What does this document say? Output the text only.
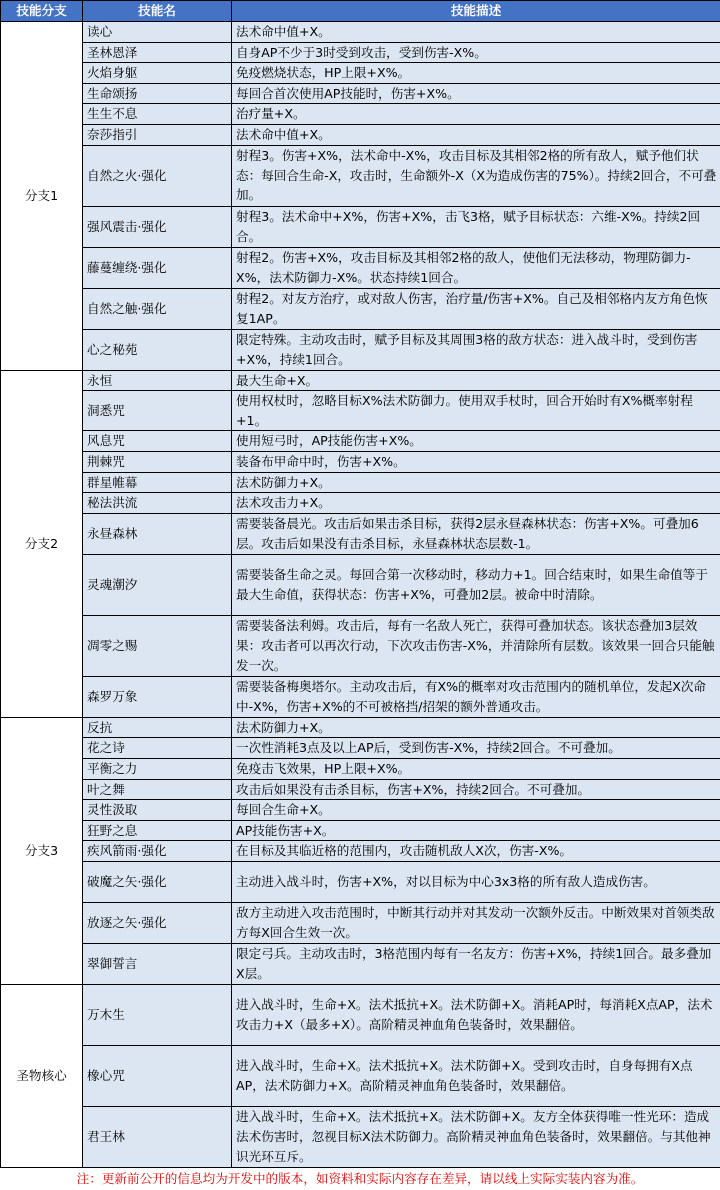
技能分支	技能名	技能描述
分支1	读心	法术命中值+X。
	圣林恩泽	自身AP不少于3时受到攻击，受到伤害-X%。
	火焰身躯	免疫燃烧状态，HP上限+X%。
	生命颂扬	每回合首次使用AP技能时，伤害+X%。
	生生不息	治疗量+X。
	奈莎指引	法术命中值+X。
	自然之火·强化	射程3。伤害+X%，法术命中-X%，攻击目标及其相邻2格的所有敌人，赋予他们状态：每回合生命-X，攻击时，生命额外-X（X为造成伤害的75%）。持续2回合，不可叠加。
	强风震击·强化	射程3。法术命中+X%，伤害+X%，击飞3格，赋予目标状态：六维-X%。持续2回合。
	藤蔓缠绕·强化	射程2。伤害+X%，攻击目标及其相邻2格的敌人，使他们无法移动，物理防御力-X%，法术防御力-X%。状态持续1回合。
	自然之触·强化	射程2。对友方治疗，或对敌人伤害，治疗量/伤害+X%。自己及相邻格内友方角色恢复1AP。
	心之秘苑	限定特殊。主动攻击时，赋予目标及其周围3格的敌方状态：进入战斗时，受到伤害+X%，持续1回合。
分支2	永恒	最大生命+X。
	洞悉咒	使用权杖时，忽略目标X%法术防御力。使用双手杖时，回合开始时有X%概率射程+1。
	风息咒	使用短弓时，AP技能伤害+X%。
	荆棘咒	装备布甲命中时，伤害+X%。
	群星帷幕	法术防御力+X。
	秘法洪流	法术攻击力+X。
	永昼森林	需要装备晨光。攻击后如果击杀目标，获得2层永昼森林状态：伤害+X%。可叠加6层。攻击后如果没有击杀目标，永昼森林状态层数-1。
	灵魂潮汐	需要装备生命之灵。每回合第一次移动时，移动力+1。回合结束时，如果生命值等于最大生命值，获得状态：伤害+X%，可叠加2层。被命中时清除。
	凋零之赐	需要装备法利姆。攻击后，每有一名敌人死亡，获得可叠加状态。该状态叠加3层效果：攻击者可以再次行动，下次攻击伤害-X%，并清除所有层数。该效果一回合只能触发一次。
	森罗万象	需要装备梅奥塔尔。主动攻击后，有X%的概率对攻击范围内的随机单位，发起X次命中-X%，伤害+X%的不可被格挡/招架的额外普通攻击。
分支3	反抗	法术防御力+X。
	花之诗	一次性消耗3点及以上AP后，受到伤害-X%，持续2回合。不可叠加。
	平衡之力	免疫击飞效果，HP上限+X%。
	叶之舞	攻击后如果没有击杀目标，伤害+X%，持续2回合。不可叠加。
	灵性汲取	每回合生命+X。
	狂野之息	AP技能伤害+X。
	疾风箭雨·强化	在目标及其临近格的范围内，攻击随机敌人X次，伤害-X%。
	破魔之矢·强化	主动进入战斗时，伤害+X%，对以目标为中心3x3格的所有敌人造成伤害。
	放逐之矢·强化	敌方主动进入攻击范围时，中断其行动并对其发动一次额外反击。中断效果对首领类敌方每X回合生效一次。
	翠御誓言	限定弓兵。主动攻击时，3格范围内每有一名友方：伤害+X%，持续1回合。最多叠加X层。
圣物核心	万木生	进入战斗时，生命+X。法术抵抗+X。法术防御+X。消耗AP时，每消耗X点AP，法术攻击力+X（最多+X）。高阶精灵神血角色装备时，效果翻倍。
	橡心咒	进入战斗时，生命+X。法术抵抗+X。法术防御+X。受到攻击时，自身每拥有X点AP，法术防御力+X。高阶精灵神血角色装备时，效果翻倍。
	君王林	进入战斗时，生命+X。法术抵抗+X。法术防御+X。友方全体获得唯一性光环：造成法术伤害时，忽视目标X法术防御力。高阶精灵神血角色装备时，效果翻倍。与其他神识光环互斥。
注：更新前公开的信息均为开发中的版本，如资料和实际内容存在差异，请以线上实际实装内容为准。
